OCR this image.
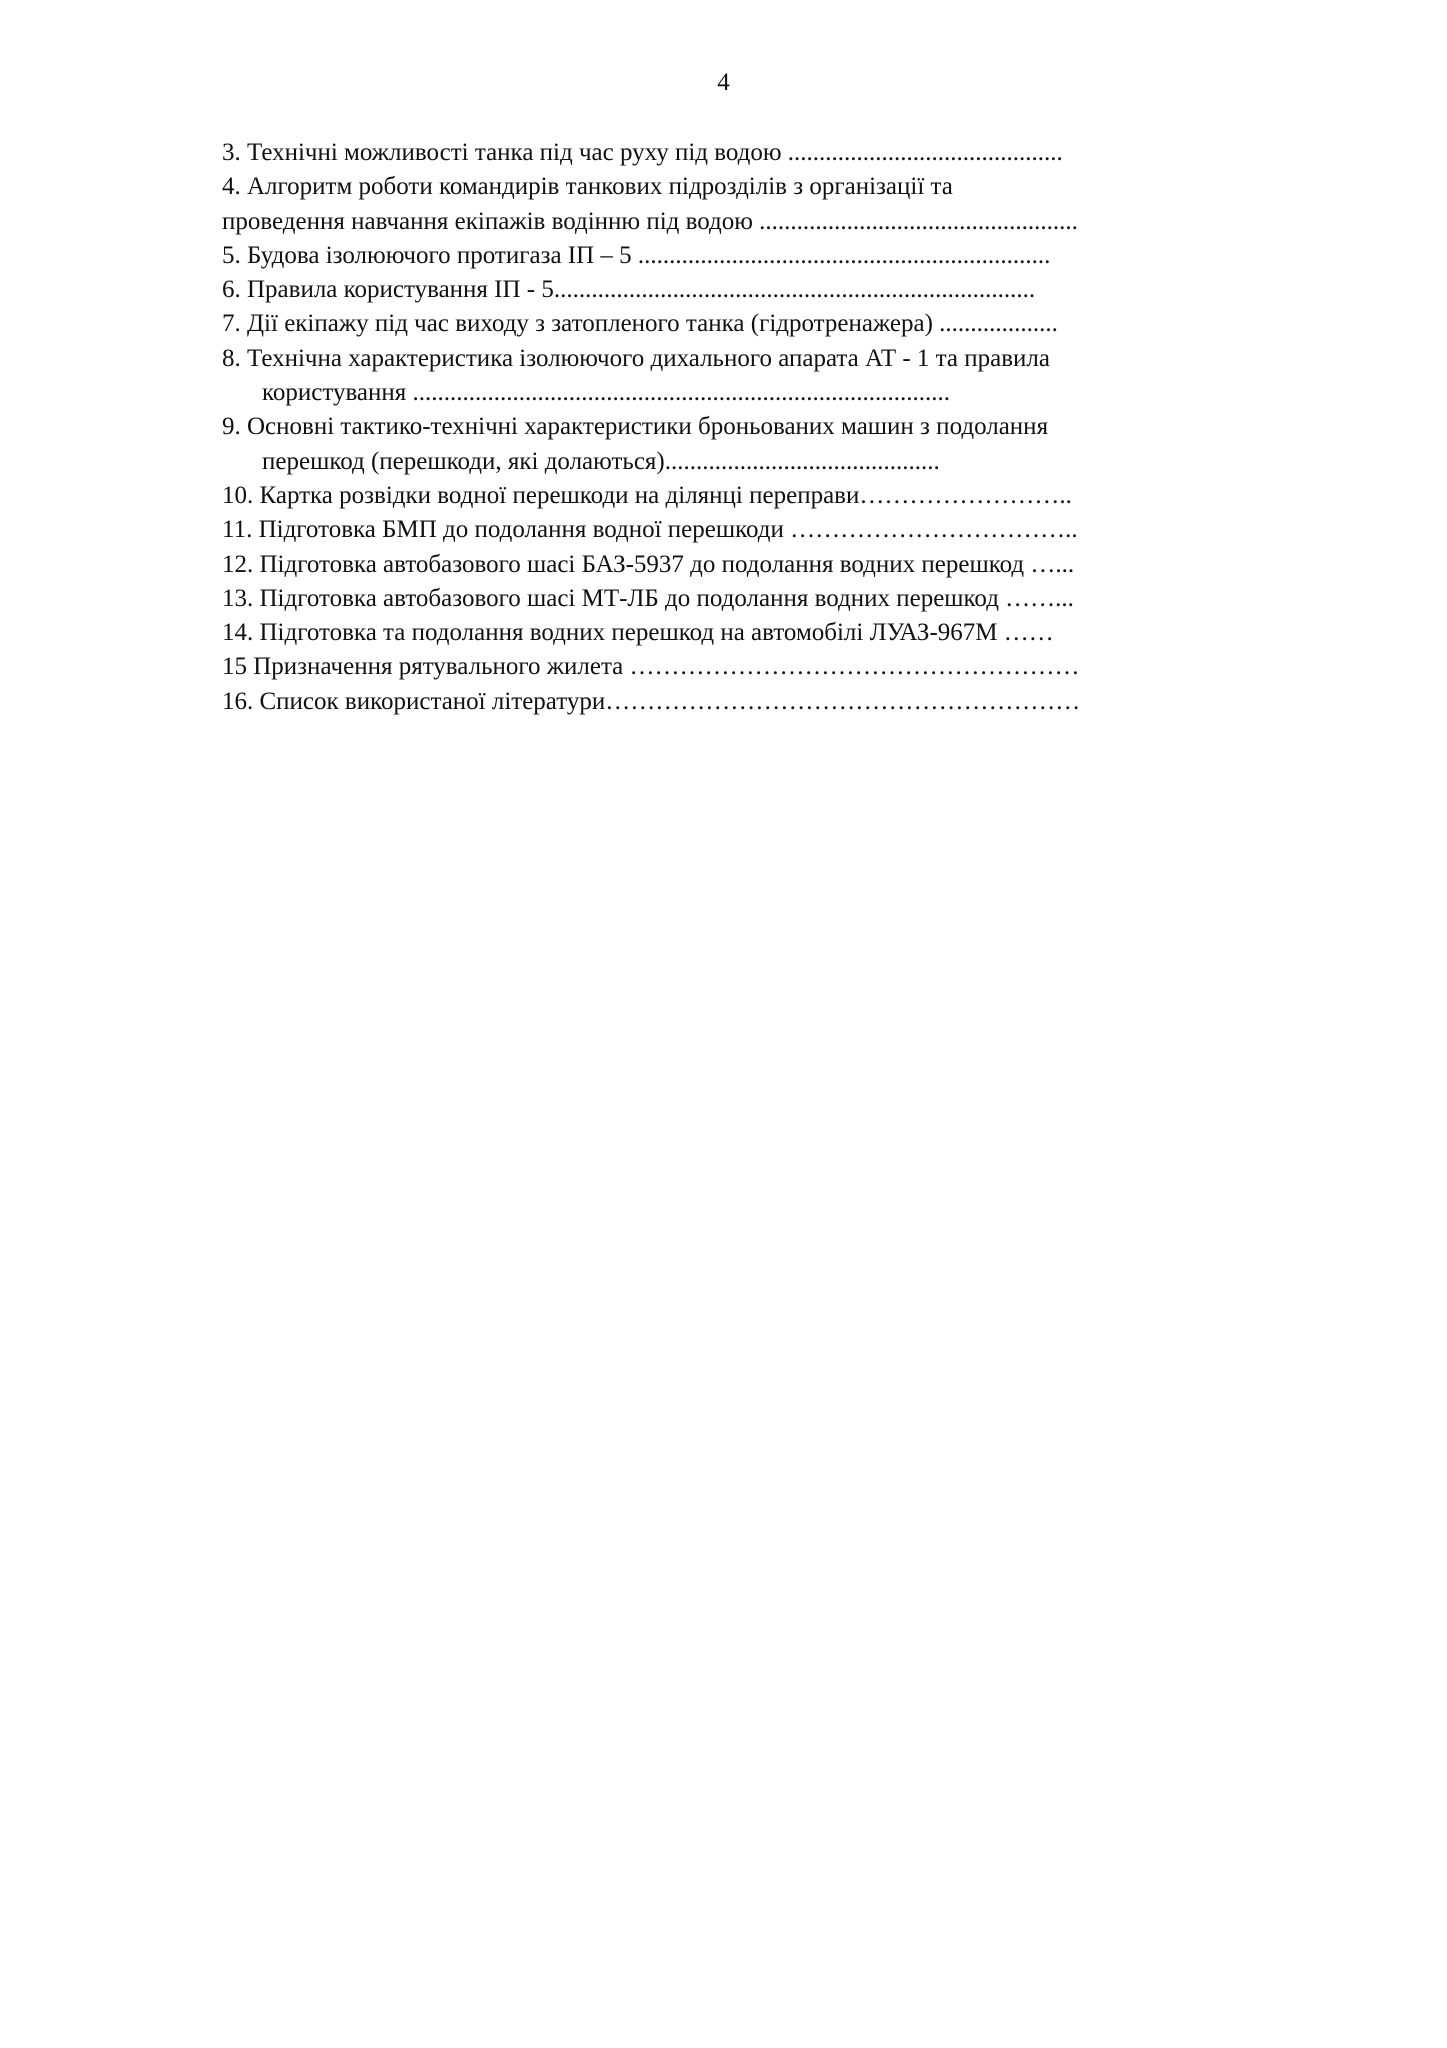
4
3. Технічні можливості танка під час руху під водою ............................................
4. Алгоритм роботи командирів танкових підрозділів з організації та
проведення навчання екіпажів водінню під водою ...................................................
5. Будова ізолюючого протигаза ІП – 5 ..................................................................
6. Правила користування ІП - 5.............................................................................
7. Дії екіпажу під час виходу з затопленого танка (гідротренажера) ...................
8. Технічна характеристика ізолюючого дихального апарата АТ - 1 та правила
користування ......................................................................................
9. Основні тактико-технічні характеристики броньованих машин з подолання
перешкод (перешкоди, які долаються)............................................
10. Картка розвідки водної перешкоди на ділянці переправи……………………..
11. Підготовка БМП до подолання водної перешкоди ……………………………..
12. Підготовка автобазового шасі БАЗ-5937 до подолання водних перешкод …...
13. Підготовка автобазового шасі МТ-ЛБ до подолання водних перешкод ……...
14. Підготовка та подолання водних перешкод на автомобілі ЛУАЗ-967М ……
15 Призначення рятувального жилета ………………………………………………
16. Список використаної літератури…………………………………………………
